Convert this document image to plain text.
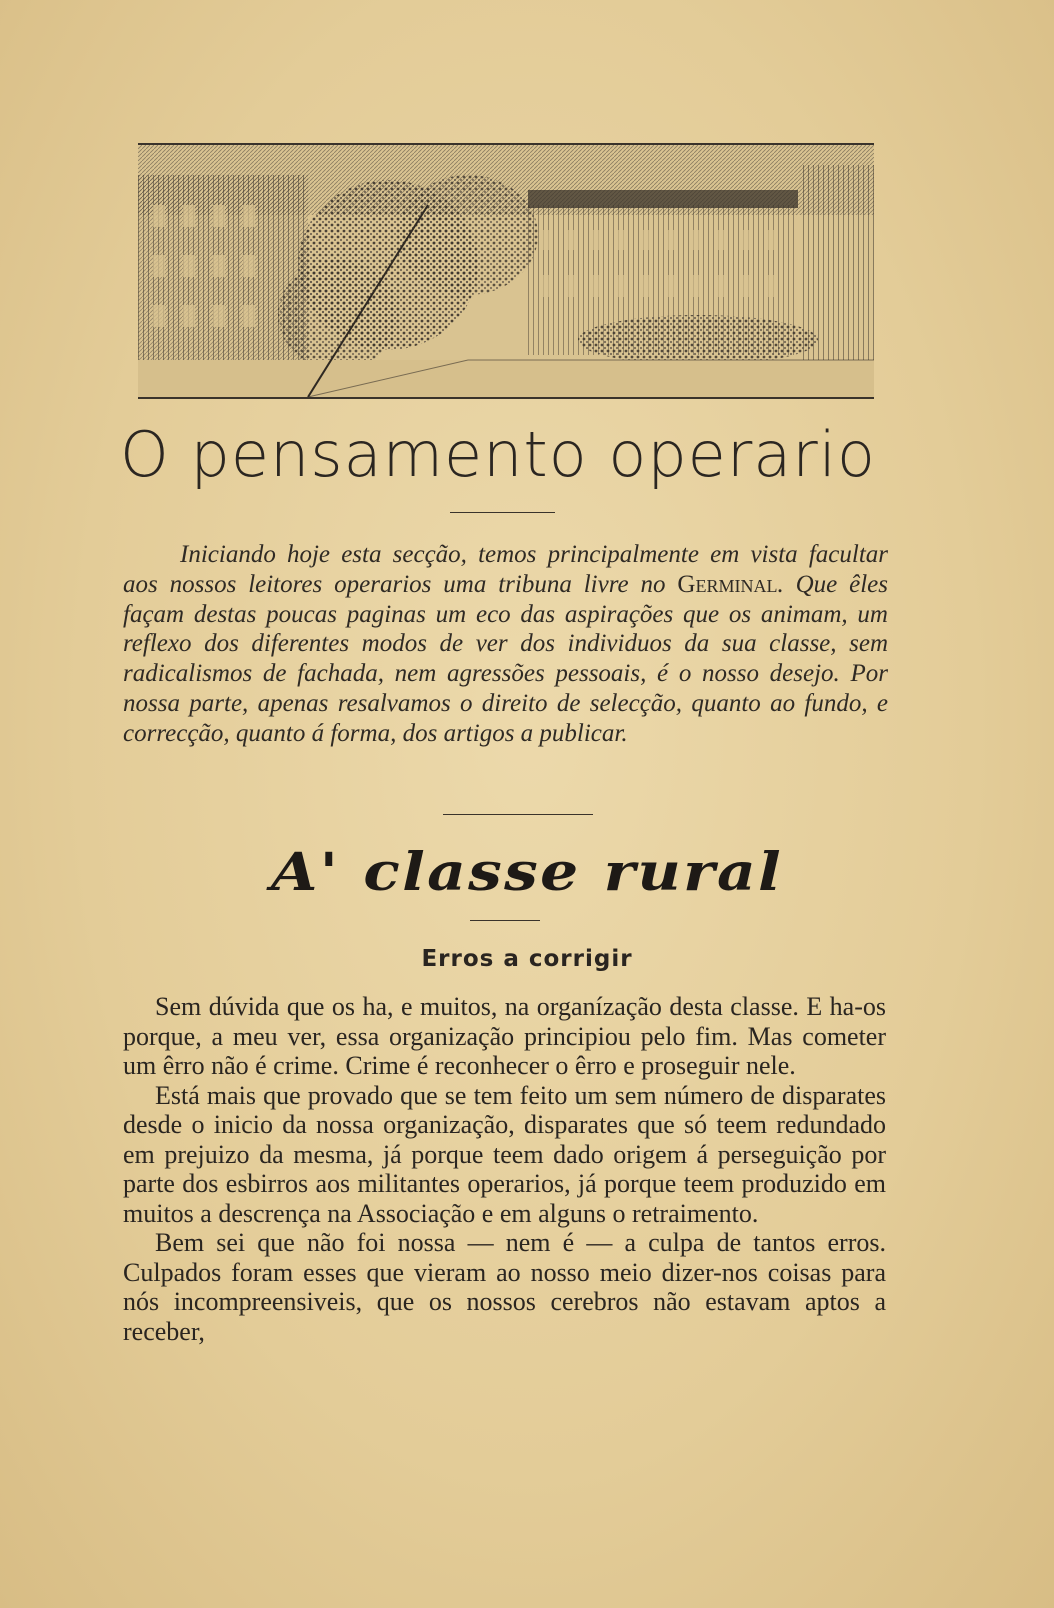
O pensamento operario

Iniciando hoje esta secção, temos principalmente em vista facultar aos nossos leitores operarios uma tribuna livre no Germinal. Que êles façam destas poucas paginas um eco das aspirações que os animam, um reflexo dos diferentes modos de ver dos individuos da sua classe, sem radicalismos de fachada, nem agressões pessoais, é o nosso desejo. Por nossa parte, apenas resalvamos o direito de selecção, quanto ao fundo, e correcção, quanto á forma, dos artigos a publicar.

A' classe rural
Erros a corrigir

Sem dúvida que os ha, e muitos, na organízação desta classe. E ha-os porque, a meu ver, essa organização principiou pelo fim. Mas cometer um êrro não é crime. Crime é reconhecer o êrro e proseguir nele.

Está mais que provado que se tem feito um sem número de disparates desde o inicio da nossa organização, disparates que só teem redundado em prejuizo da mesma, já porque teem dado origem á perseguição por parte dos esbirros aos militantes operarios, já porque teem produzido em muitos a descrença na Associação e em alguns o retraimento.

Bem sei que não foi nossa — nem é — a culpa de tantos erros. Culpados foram esses que vieram ao nosso meio dizer-nos coisas para nós incompreensiveis, que os nossos cerebros não estavam aptos a receber,
